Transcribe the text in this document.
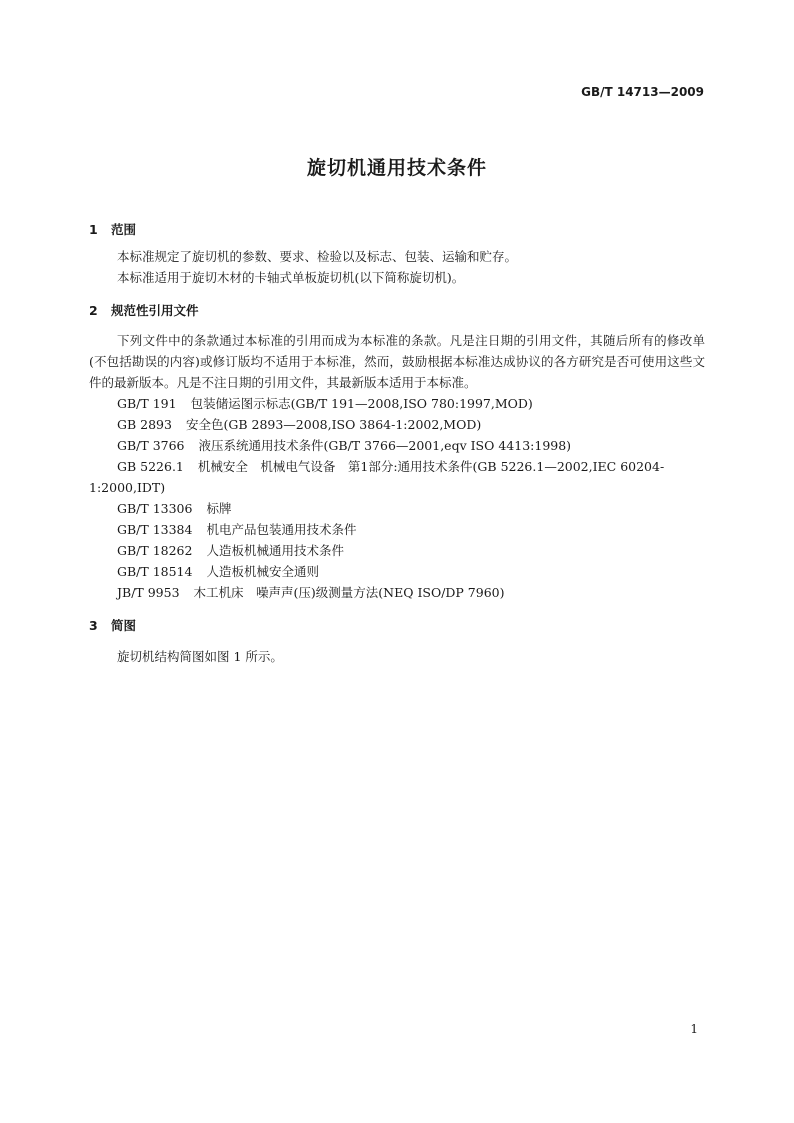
GB/T 14713—2009
旋切机通用技术条件
1 范围
本标准规定了旋切机的参数、要求、检验以及标志、包装、运输和贮存。
本标准适用于旋切木材的卡轴式单板旋切机(以下简称旋切机)。
2 规范性引用文件
下列文件中的条款通过本标准的引用而成为本标准的条款。凡是注日期的引用文件，其随后所有的修改单(不包括勘误的内容)或修订版均不适用于本标准，然而，鼓励根据本标准达成协议的各方研究是否可使用这些文件的最新版本。凡是不注日期的引用文件，其最新版本适用于本标准。
GB/T 191 包装储运图示标志(GB/T 191—2008,ISO 780:1997,MOD)
GB 2893 安全色(GB 2893—2008,ISO 3864-1:2002,MOD)
GB/T 3766 液压系统通用技术条件(GB/T 3766—2001,eqv ISO 4413:1998)
GB 5226.1 机械安全　机械电气设备　第1部分:通用技术条件(GB 5226.1—2002,IEC 60204-1:2000,IDT)
GB/T 13306 标牌
GB/T 13384 机电产品包装通用技术条件
GB/T 18262 人造板机械通用技术条件
GB/T 18514 人造板机械安全通则
JB/T 9953 木工机床　噪声声(压)级测量方法(NEQ ISO/DP 7960)
3 简图
旋切机结构简图如图 1 所示。
1
